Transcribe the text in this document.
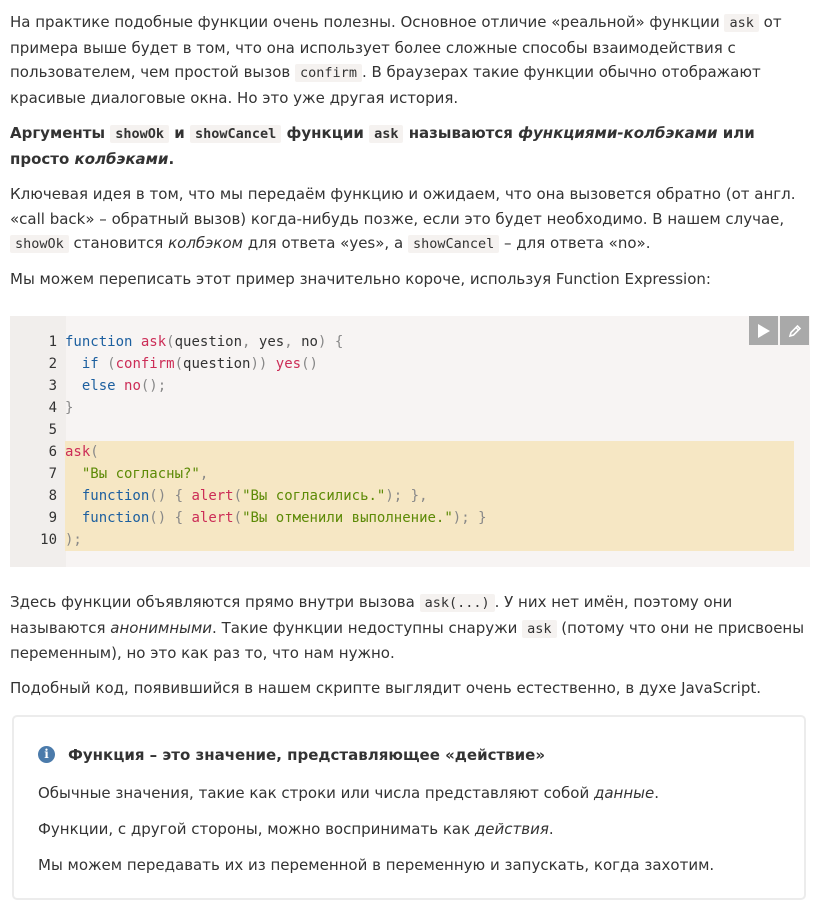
На практике подобные функции очень полезны. Основное отличие «реальной» функции ask от примера выше будет в том, что она использует более сложные способы взаимодействия с пользователем, чем простой вызов confirm . В браузерах такие функции обычно отображают красивые диалоговые окна. Но это уже другая история.

Аргументы showOk и showCancel функции ask называются функциями-колбэками или просто колбэками.

Ключевая идея в том, что мы передаём функцию и ожидаем, что она вызовется обратно (от англ. «call back» – обратный вызов) когда-нибудь позже, если это будет необходимо. В нашем случае, showOk становится колбэком для ответа «yes», а showCancel – для ответа «no».

Мы можем переписать этот пример значительно короче, используя Function Expression:

1
2
3
4
5
6
7
8
9
10
function ask(question, yes, no) {
if (confirm(question)) yes()
else no();
}
ask(
"Вы согласны?",
function() { alert("Вы согласились."); },
function() { alert("Вы отменили выполнение."); }
);

Здесь функции объявляются прямо внутри вызова ask(...) . У них нет имён, поэтому они называются анонимными. Такие функции недоступны снаружи ask (потому что они не присвоены переменным), но это как раз то, что нам нужно.

Подобный код, появившийся в нашем скрипте выглядит очень естественно, в духе JavaScript.

i	Функция – это значение, представляющее «действие»
Обычные значения, такие как строки или числа представляют собой данные.
Функции, с другой стороны, можно воспринимать как действия.
Мы можем передавать их из переменной в переменную и запускать, когда захотим.
